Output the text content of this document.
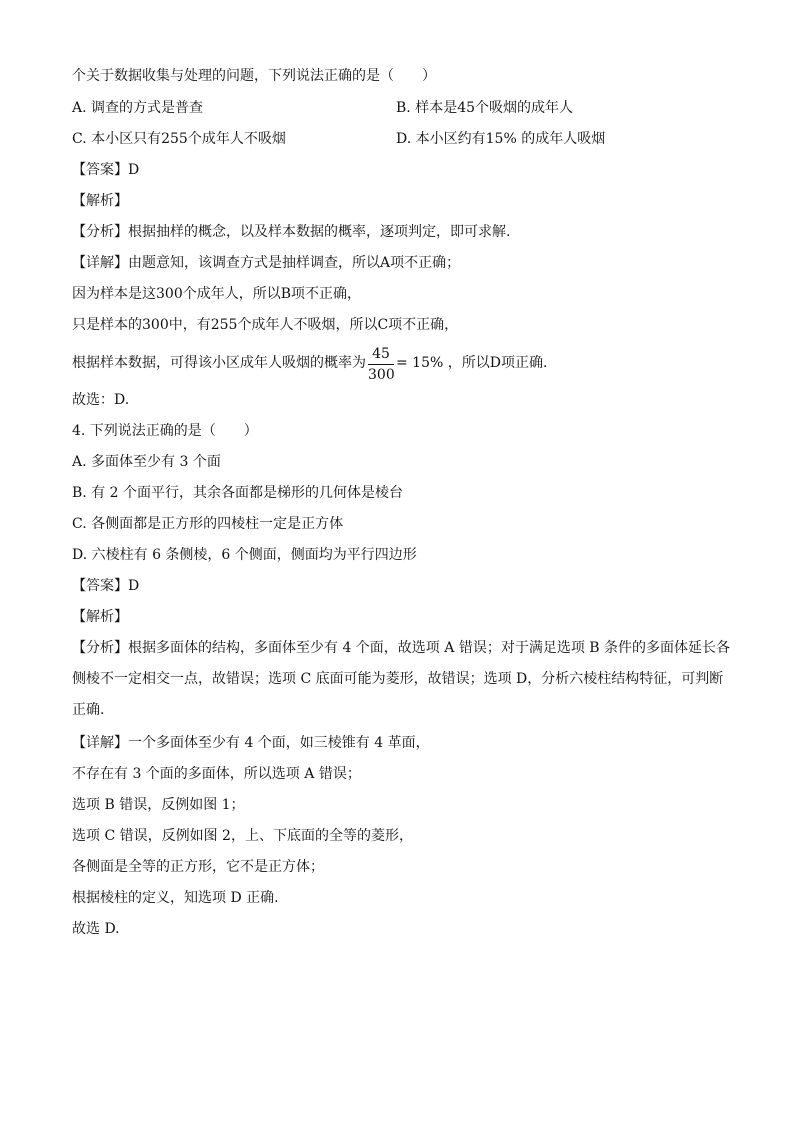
个关于数据收集与处理的问题，下列说法正确的是（　　）
A. 调查的方式是普查	B. 样本是45个吸烟的成年人
C. 本小区只有255个成年人不吸烟	D. 本小区约有15% 的成年人吸烟
【答案】D
【解析】
【分析】根据抽样的概念，以及样本数据的概率，逐项判定，即可求解.
【详解】由题意知，该调查方式是抽样调查，所以A项不正确；
因为样本是这300个成年人，所以B项不正确，
只是样本的300中，有255个成年人不吸烟，所以C项不正确，
根据样本数据，可得该小区成年人吸烟的概率为
45
300
= 15% ，所以D项正确.
故选：D.
4. 下列说法正确的是（　　）
A. 多面体至少有 3 个面
B. 有 2 个面平行，其余各面都是梯形的几何体是棱台
C. 各侧面都是正方形的四棱柱一定是正方体
D. 六棱柱有 6 条侧棱，6 个侧面，侧面均为平行四边形
【答案】D
【解析】
【分析】根据多面体的结构，多面体至少有 4 个面，故选项 A 错误；对于满足选项 B 条件的多面体延长各
侧棱不一定相交一点，故错误；选项 C 底面可能为菱形，故错误；选项 D，分析六棱柱结构特征，可判断
正确.
【详解】一个多面体至少有 4 个面，如三棱锥有 4 革面，
不存在有 3 个面的多面体，所以选项 A 错误；
选项 B 错误，反例如图 1；
选项 C 错误，反例如图 2，上、下底面的全等的菱形，
各侧面是全等的正方形，它不是正方体；
根据棱柱的定义，知选项 D 正确.
故选 D.
